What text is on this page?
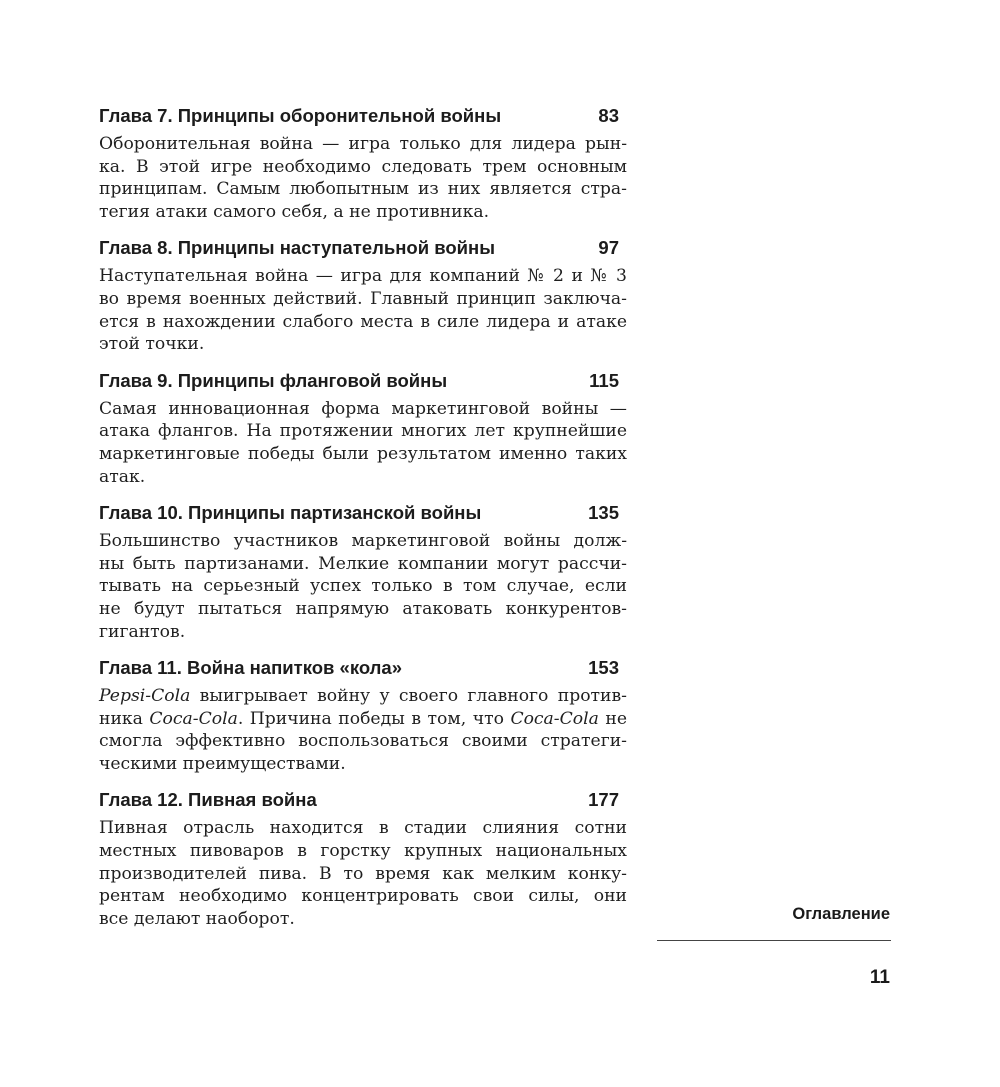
Глава 7. Принципы оборонительной войны	83
Оборонительная война — игра только для лидера рын-
ка. В этой игре необходимо следовать трем основным
принципам. Самым любопытным из них является стра-
тегия атаки самого себя, а не противника.
Глава 8. Принципы наступательной войны	97
Наступательная война — игра для компаний № 2 и № 3
во время военных действий. Главный принцип заключа-
ется в нахождении слабого места в силе лидера и атаке
этой точки.
Глава 9. Принципы фланговой войны	115
Самая инновационная форма маркетинговой войны —
атака флангов. На протяжении многих лет крупнейшие
маркетинговые победы были результатом именно таких
атак.
Глава 10. Принципы партизанской войны	135
Большинство участников маркетинговой войны долж-
ны быть партизанами. Мелкие компании могут рассчи-
тывать на серьезный успех только в том случае, если
не будут пытаться напрямую атаковать конкурентов-
гигантов.
Глава 11. Война напитков «кола»	153
Pepsi-Cola выигрывает войну у своего главного против-
ника Coca-Cola. Причина победы в том, что Coca-Cola не
смогла эффективно воспользоваться своими стратеги-
ческими преимуществами.
Глава 12. Пивная война	177
Пивная отрасль находится в стадии слияния сотни
местных пивоваров в горстку крупных национальных
производителей пива. В то время как мелким конку-
рентам необходимо концентрировать свои силы, они
все делают наоборот.	Оглавление
11
